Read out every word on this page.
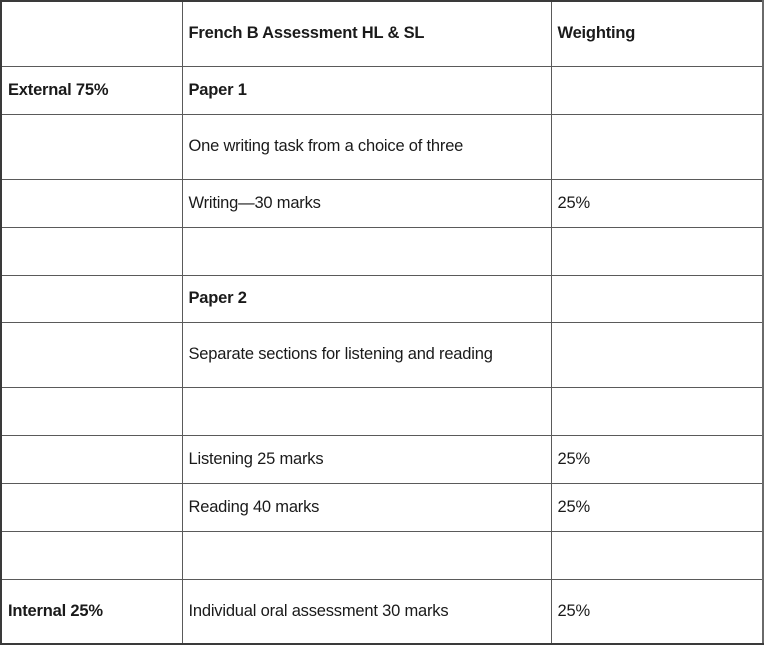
	French B Assessment HL & SL	Weighting
External 75%	Paper 1	
	One writing task from a choice of three	
	Writing—30 marks	25%

	Paper 2	
	Separate sections for listening and reading	

	Listening 25 marks	25%
	Reading 40 marks	25%

Internal 25%	Individual oral assessment 30 marks	25%
